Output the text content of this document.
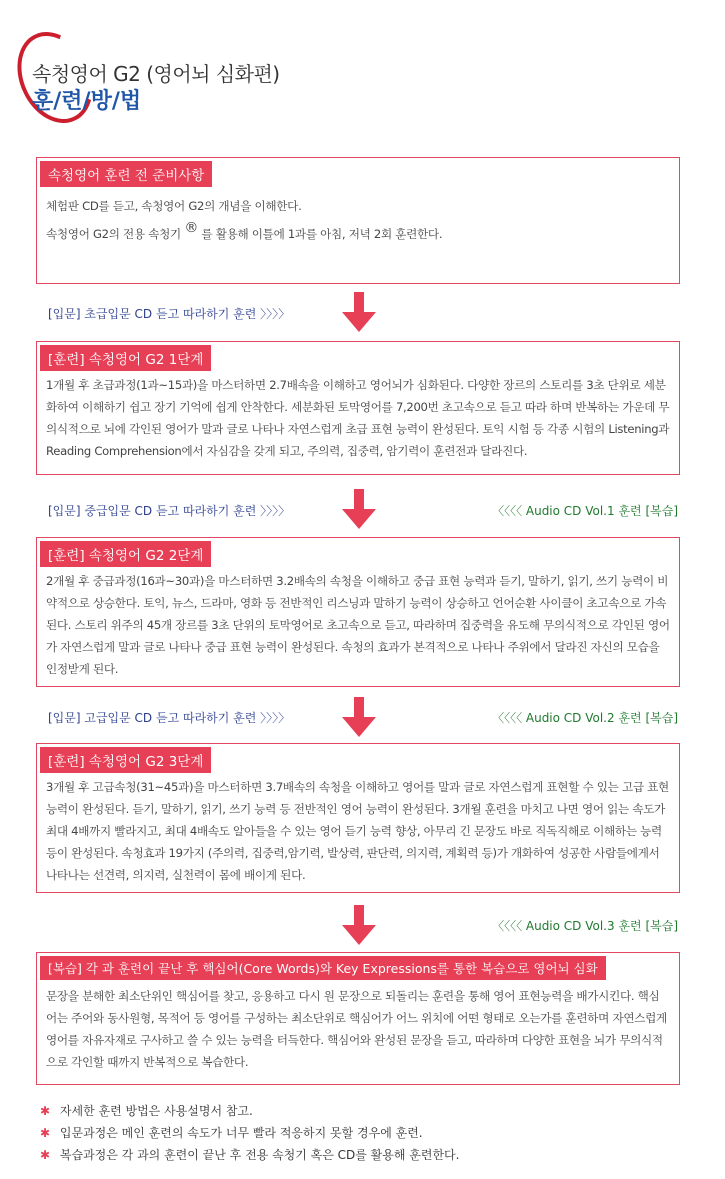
속청영어 G2 (영어뇌 심화편)
훈/련/방/법
속청영어 훈련 전 준비사항

체험판 CD를 듣고, 속청영어 G2의 개념을 이해한다.

속청영어 G2의 전용 속청기 ® 를 활용해 이틀에 1과를 아침, 저녁 2회 훈련한다.

[입문] 초급입문 CD 듣고 따라하기 훈련 〉〉〉〉
[훈련] 속청영어 G2 1단계
1개월 후 초급과정(1과~15과)을 마스터하면 2.7배속을 이해하고 영어뇌가 심화된다. 다양한 장르의 스토리를 3초 단위로 세분화하여 이해하기 쉽고 장기 기억에 쉽게 안착한다. 세분화된 토막영어를 7,200번 초고속으로 듣고 따라 하며 반복하는 가운데 무의식적으로 뇌에 각인된 영어가 말과 글로 나타나 자연스럽게 초급 표현 능력이 완성된다. 토익 시험 등 각종 시험의 Listening과 Reading Comprehension에서 자심감을 갖게 되고, 주의력, 집중력, 암기력이 훈련전과 달라진다.
[입문] 중급입문 CD 듣고 따라하기 훈련 〉〉〉〉	〈〈〈〈 Audio CD Vol.1 훈련 [복습]
[훈련] 속청영어 G2 2단계
2개월 후 중급과정(16과~30과)을 마스터하면 3.2배속의 속청을 이해하고 중급 표현 능력과 듣기, 말하기, 읽기, 쓰기 능력이 비약적으로 상승한다. 토익, 뉴스, 드라마, 영화 등 전반적인 리스닝과 말하기 능력이 상승하고 언어순환 사이클이 초고속으로 가속된다. 스토리 위주의 45개 장르를 3초 단위의 토막영어로 초고속으로 듣고, 따라하며 집중력을 유도해 무의식적으로 각인된 영어가 자연스럽게 말과 글로 나타나 중급 표현 능력이 완성된다. 속청의 효과가 본격적으로 나타나 주위에서 달라진 자신의 모습을 인정받게 된다.
[입문] 고급입문 CD 듣고 따라하기 훈련 〉〉〉〉	〈〈〈〈 Audio CD Vol.2 훈련 [복습]
[훈련] 속청영어 G2 3단계
3개월 후 고급속청(31~45과)을 마스터하면 3.7배속의 속청을 이해하고 영어를 말과 글로 자연스럽게 표현할 수 있는 고급 표현 능력이 완성된다. 듣기, 말하기, 읽기, 쓰기 능력 등 전반적인 영어 능력이 완성된다. 3개월 훈련을 마치고 나면 영어 읽는 속도가 최대 4배까지 빨라지고, 최대 4배속도 알아들을 수 있는 영어 듣기 능력 향상, 아무리 긴 문장도 바로 직독직해로 이해하는 능력 등이 완성된다. 속청효과 19가지 (주의력, 집중력,암기력, 발상력, 판단력, 의지력, 계획력 등)가 개화하여 성공한 사람들에게서 나타나는 선견력, 의지력, 실천력이 몸에 배이게 된다.
〈〈〈〈 Audio CD Vol.3 훈련 [복습]
[복습] 각 과 훈련이 끝난 후 핵심어(Core Words)와 Key Expressions를 통한 복습으로 영어뇌 심화
문장을 분해한 최소단위인 핵심어를 찾고, 응용하고 다시 원 문장으로 되돌리는 훈련을 통해 영어 표현능력을 배가시킨다. 핵심어는 주어와 동사원형, 목적어 등 영어를 구성하는 최소단위로 핵심어가 어느 위치에 어떤 형태로 오는가를 훈련하며 자연스럽게 영어를 자유자재로 구사하고 쓸 수 있는 능력을 터득한다. 핵심어와 완성된 문장을 듣고, 따라하며 다양한 표현을 뇌가 무의식적으로 각인할 때까지 반복적으로 복습한다.
✱ 자세한 훈련 방법은 사용설명서 참고.
✱ 입문과정은 메인 훈련의 속도가 너무 빨라 적응하지 못할 경우에 훈련.
✱ 복습과정은 각 과의 훈련이 끝난 후 전용 속청기 혹은 CD를 활용해 훈련한다.
